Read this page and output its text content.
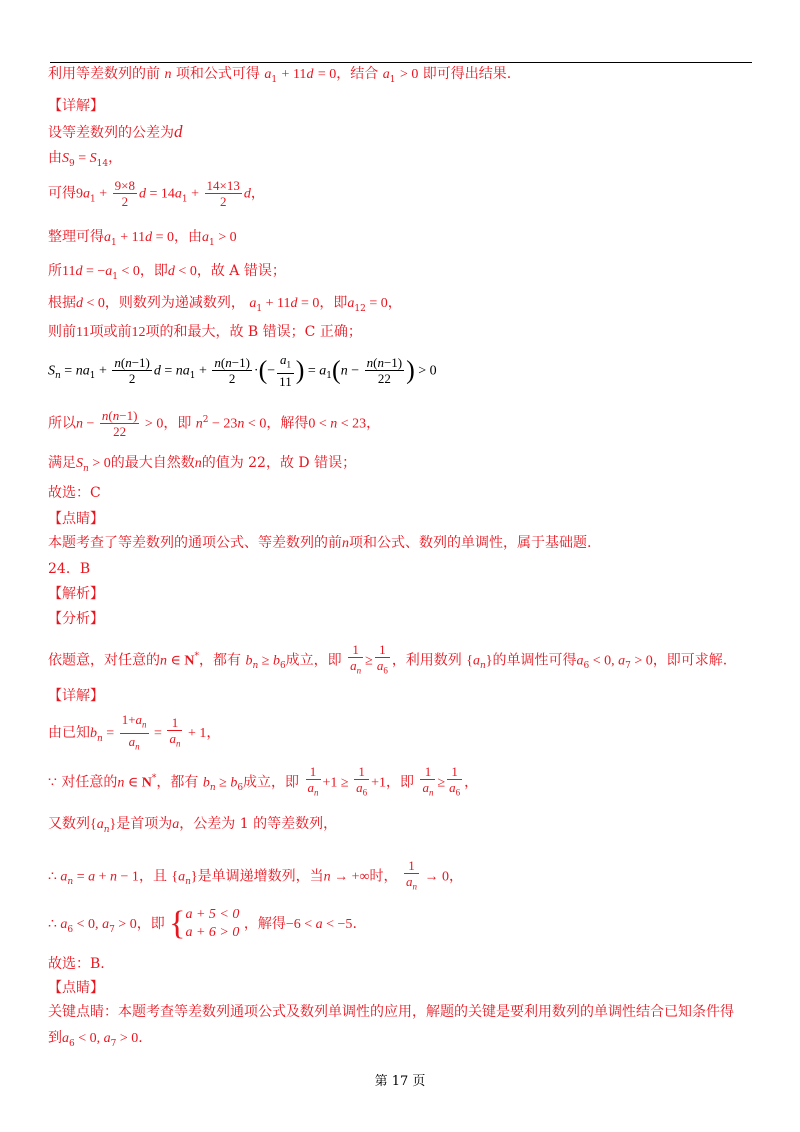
利用等差数列的前 n 项和公式可得 $a_1 + 11d = 0$，结合 $a_1 > 0$ 即可得出结果.
【详解】
设等差数列的公差为d
由$S_9 = S_{14}$，
可得$9a_1 + \frac{9\times 8}{2}$ $d = 14a_1 + \frac{14\times 13}{2}$ d，
整理可得$a_1 + 11d = 0$，由$a_1 > 0$
所$11d = -a_1 < 0$，即d < 0，故 A 错误；
根据d < 0，则数列为递减数列， $a_1 + 11d = 0$，即$a_{12} = 0$，
则前11项或前12项的和最大，故 B 错误；C 正确；
$S_n = na_1 + \frac{n(n-1)}{2}$ $d = na_1 + \frac{n(n-1)}{2}$ ·(− $\frac{a_1}{11}$ ) = $a_1(n - \frac{n(n-1)}{22}$ ) > 0
所以$n - \frac{n(n-1)}{22} > 0$，即 $n^2 - 23n < 0$，解得0 < n < 23，
满足$S_n > 0$的最大自然数n的值为 22，故 D 错误；
故选：C
【点睛】
本题考查了等差数列的通项公式、等差数列的前n项和公式、数列的单调性，属于基础题.
24．B
【解析】
【分析】
依题意，对任意的n ∈ N*，都有 $b_n \ge b_6$成立，即 $\frac{1}{a_n} \ge \frac{1}{a_6}$ ，利用数列 $\{a_n\}$的单调性可得$a_6 < 0$, $a_7 > 0$，即可求解.
【详解】
由已知$b_n = \frac{1+a_n}{a_n} = \frac{1}{a_n} + 1$，
∵ 对任意的n ∈ N*，都有 $b_n \ge b_6$成立，即 $\frac{1}{a_n} +1 \ge \frac{1}{a_6} +1$，即 $\frac{1}{a_n} \ge \frac{1}{a_6}$ ，
又数列$\{a_n\}$是首项为a，公差为 1 的等差数列，
∴ $a_n = a + n - 1$，且 $\{a_n\}$是单调递增数列，当n → +∞时， $\frac{1}{a_n} \to 0$，
∴ $a_6 < 0$, $a_7 > 0$，即 { a + 5 < 0
a + 6 > 0
，解得−6 < a < −5.
故选：B.
【点睛】
关键点睛：本题考查等差数列通项公式及数列单调性的应用，解题的关键是要利用数列的单调性结合已知条件得
到$a_6 < 0$, $a_7 > 0$.
第 17 页
